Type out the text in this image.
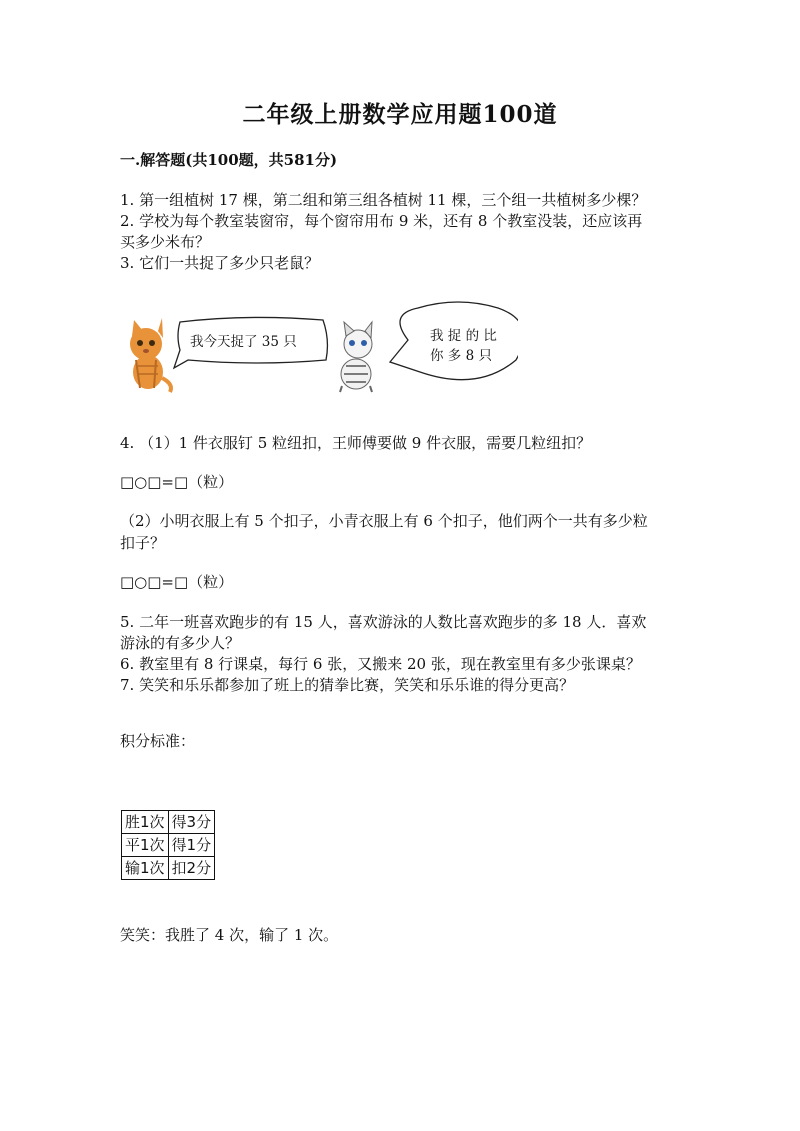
二年级上册数学应用题100道
一.解答题(共100题，共581分)
1. 第一组植树 17 棵，第二组和第三组各植树 11 棵，三个组一共植树多少棵？
2. 学校为每个教室装窗帘，每个窗帘用布 9 米，还有 8 个教室没装，还应该再
买多少米布？
3. 它们一共捉了多少只老鼠？
我今天捉了 35 只	我 捉 的 比
你 多 8 只
4. （1）1 件衣服钉 5 粒纽扣，王师傅要做 9 件衣服，需要几粒纽扣？
□○□=□（粒）
（2）小明衣服上有 5 个扣子，小青衣服上有 6 个扣子，他们两个一共有多少粒
扣子？
□○□=□（粒）
5. 二年一班喜欢跑步的有 15 人，喜欢游泳的人数比喜欢跑步的多 18 人．喜欢
游泳的有多少人？
6. 教室里有 8 行课桌，每行 6 张，又搬来 20 张，现在教室里有多少张课桌？
7. 笑笑和乐乐都参加了班上的猜拳比赛，笑笑和乐乐谁的得分更高？
积分标准：
胜1次	得3分
平1次	得1分
输1次	扣2分
笑笑：我胜了 4 次，输了 1 次。
